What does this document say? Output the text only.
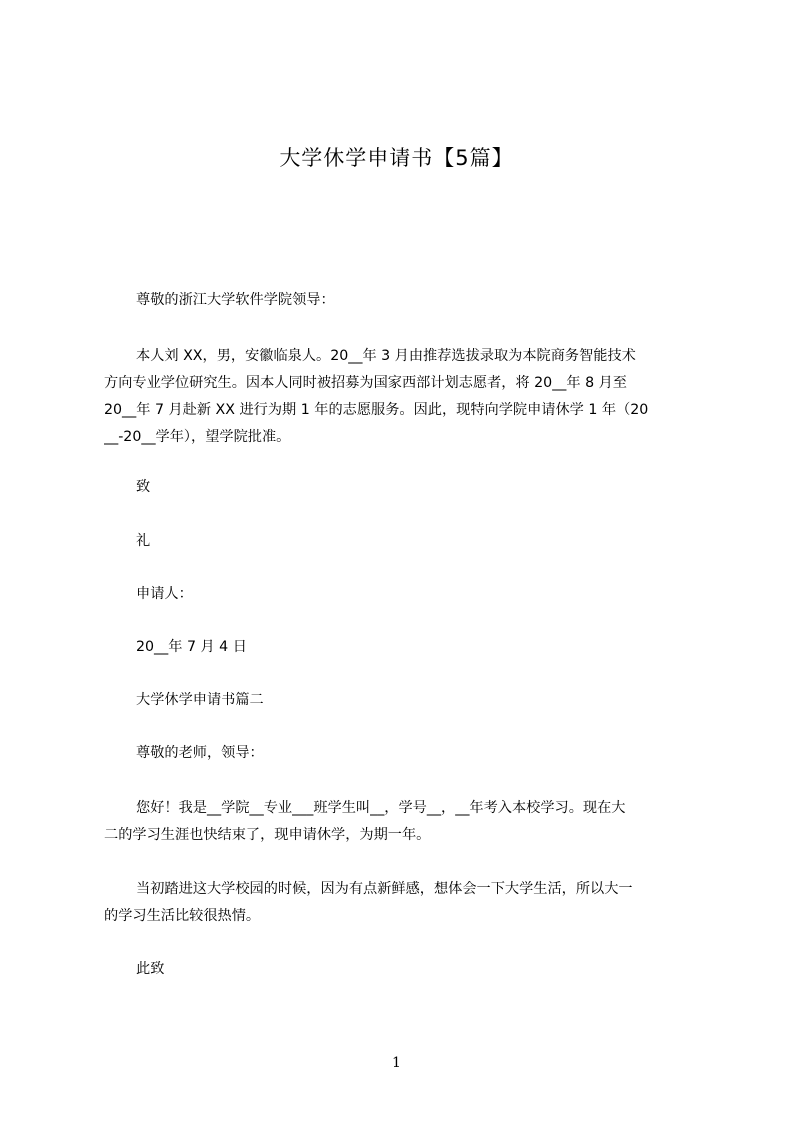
大学休学申请书【5篇】
尊敬的浙江大学软件学院领导：
本人刘 XX，男，安徽临泉人。20__年 3 月由推荐选拔录取为本院商务智能技术
方向专业学位研究生。因本人同时被招募为国家西部计划志愿者，将 20__年 8 月至
20__年 7 月赴新 XX 进行为期 1 年的志愿服务。因此，现特向学院申请休学 1 年（20
__-20__学年），望学院批准。
致
礼
申请人：
20__年 7 月 4 日
大学休学申请书篇二
尊敬的老师，领导：
您好！我是__学院__专业___班学生叫__，学号__，__年考入本校学习。现在大
二的学习生涯也快结束了，现申请休学，为期一年。
当初踏进这大学校园的时候，因为有点新鲜感，想体会一下大学生活，所以大一
的学习生活比较很热情。
此致
1
